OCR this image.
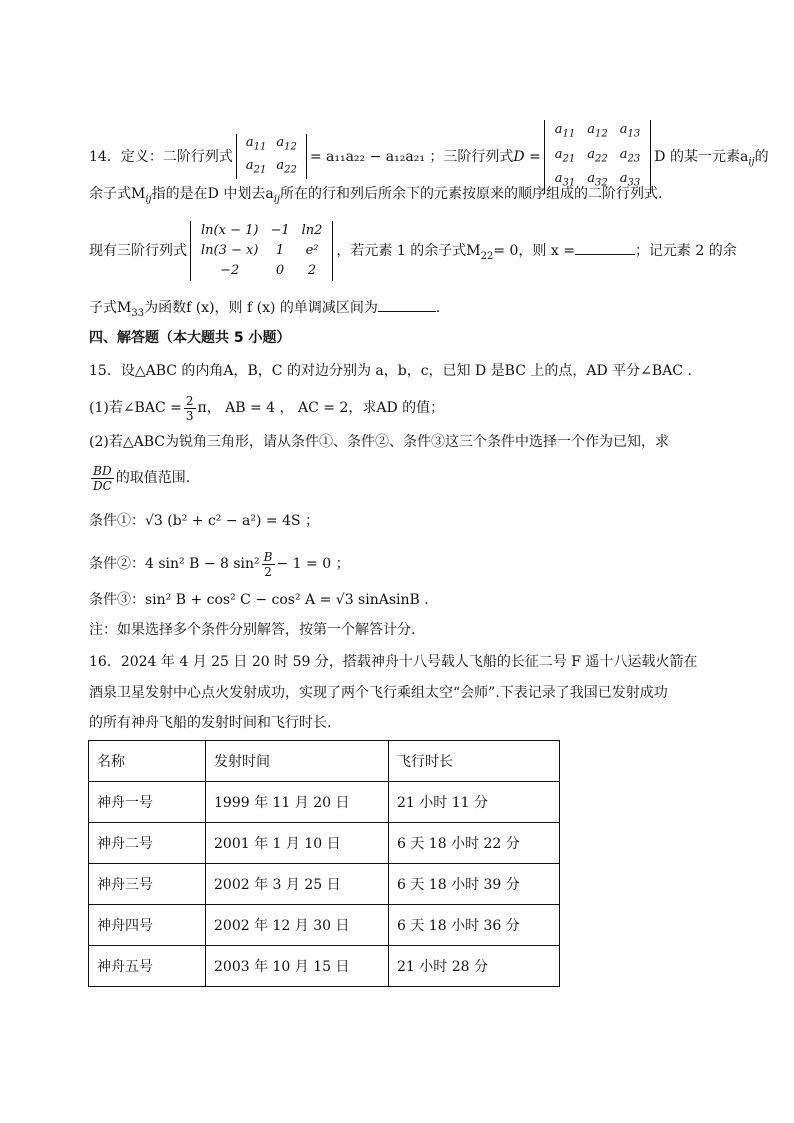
14．定义：二阶行列式
$a_{11}$	$a_{12}$
$a_{21}$	$a_{22}$
= a₁₁a₂₂ − a₁₂a₂₁ ；三阶行列式D =
$a_{11}$	$a_{12}$	$a_{13}$
$a_{21}$	$a_{22}$	$a_{23}$
$a_{31}$	$a_{32}$	$a_{33}$
D 的某一元素$a_{ij}$的
余子式$M_{ij}$指的是在D 中划去$a_{ij}$所在的行和列后所余下的元素按原来的顺序组成的二阶行列式.
现有三阶行列式
ln(x − 1)	−1	ln2
ln(3 − x)	1	e²
−2	0	2
，若元素 1 的余子式$M_{22}= 0$，则 x =	；记元素 2 的余
子式$M_{33}$为函数f (x)，则 f (x) 的单调减区间为	.
四、解答题（本大题共 5 小题）
15．设△ABC 的内角A，B，C 的对边分别为 a，b，c，已知 D 是BC 上的点，AD 平分∠BAC .
(1)若∠BAC = $\frac{2}{3}$ π， AB = 4 ， AC = 2，求AD 的值；
(2)若△ABC为锐角三角形，请从条件①、条件②、条件③这三个条件中选择一个作为已知，求
$\frac{BD}{DC}$ 的取值范围.
条件①：√3 (b² + c² − a²) = 4S ；
条件②：4 sin² B − 8 $\sin^2 \frac{B}{2} - 1 = 0$ ；
条件③：sin² B + cos² C − cos² A = √3 sinAsinB .
注：如果选择多个条件分别解答，按第一个解答计分.
16．2024 年 4 月 25 日 20 时 59 分，搭载神舟十八号载人飞船的长征二号 F 遥十八运载火箭在
酒泉卫星发射中心点火发射成功，实现了两个飞行乘组太空“会师”.下表记录了我国已发射成功
的所有神舟飞船的发射时间和飞行时长.
名称	发射时间	飞行时长
神舟一号	1999 年 11 月 20 日	21 小时 11 分
神舟二号	2001 年 1 月 10 日	6 天 18 小时 22 分
神舟三号	2002 年 3 月 25 日	6 天 18 小时 39 分
神舟四号	2002 年 12 月 30 日	6 天 18 小时 36 分
神舟五号	2003 年 10 月 15 日	21 小时 28 分
